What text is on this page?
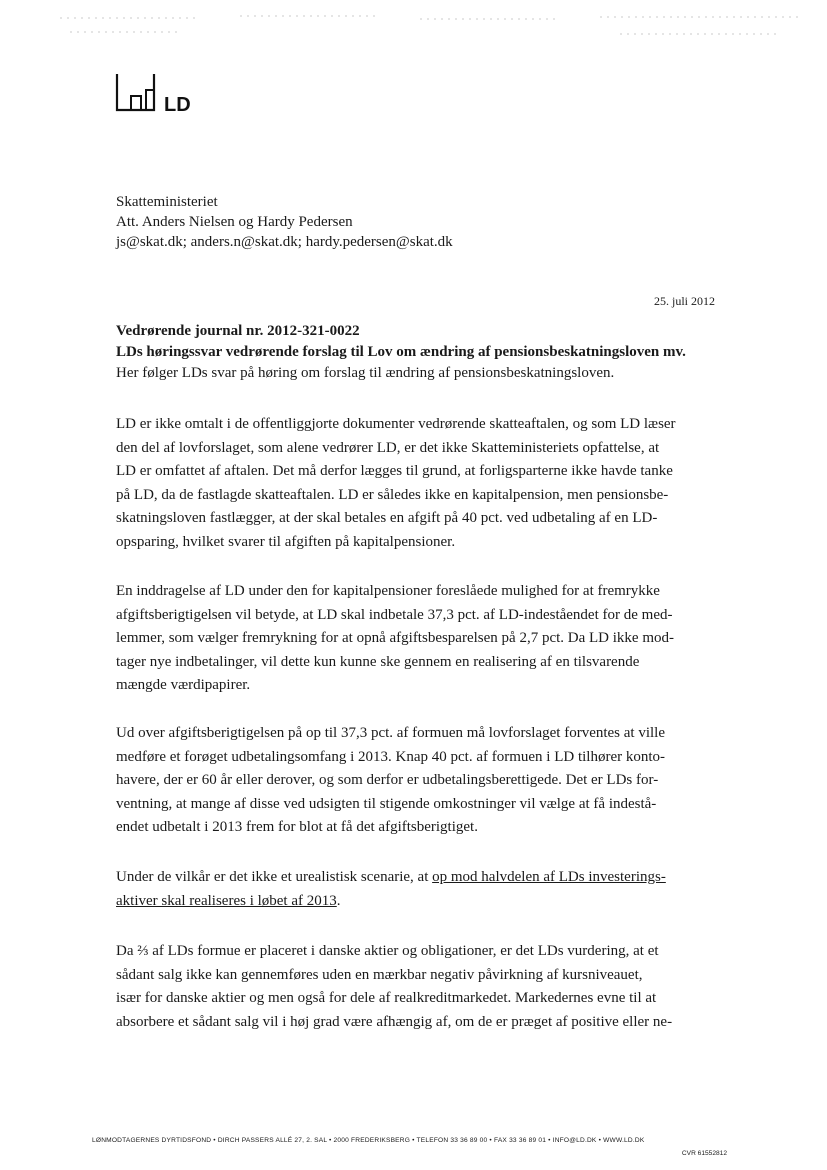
LD
Skatteministeriet
Att. Anders Nielsen og Hardy Pedersen
js@skat.dk; anders.n@skat.dk; hardy.pedersen@skat.dk
25. juli 2012
Vedrørende journal nr. 2012-321-0022
LDs høringssvar vedrørende forslag til Lov om ændring af pensionsbeskatningsloven mv.
Her følger LDs svar på høring om forslag til ændring af pensionsbeskatningsloven.
LD er ikke omtalt i de offentliggjorte dokumenter vedrørende skatteaftalen, og som LD læser
den del af lovforslaget, som alene vedrører LD, er det ikke Skatteministeriets opfattelse, at
LD er omfattet af aftalen. Det må derfor lægges til grund, at forligsparterne ikke havde tanke
på LD, da de fastlagde skatteaftalen. LD er således ikke en kapitalpension, men pensionsbe-
skatningsloven fastlægger, at der skal betales en afgift på 40 pct. ved udbetaling af en LD-
opsparing, hvilket svarer til afgiften på kapitalpensioner.
En inddragelse af LD under den for kapitalpensioner foreslåede mulighed for at fremrykke
afgiftsberigtigelsen vil betyde, at LD skal indbetale 37,3 pct. af LD-indeståendet for de med-
lemmer, som vælger fremrykning for at opnå afgiftsbesparelsen på 2,7 pct. Da LD ikke mod-
tager nye indbetalinger, vil dette kun kunne ske gennem en realisering af en tilsvarende
mængde værdipapirer.
Ud over afgiftsberigtigelsen på op til 37,3 pct. af formuen må lovforslaget forventes at ville
medføre et forøget udbetalingsomfang i 2013. Knap 40 pct. af formuen i LD tilhører konto-
havere, der er 60 år eller derover, og som derfor er udbetalingsberettigede. Det er LDs for-
ventning, at mange af disse ved udsigten til stigende omkostninger vil vælge at få indestå-
endet udbetalt i 2013 frem for blot at få det afgiftsberigtiget.
Under de vilkår er det ikke et urealistisk scenarie, at op mod halvdelen af LDs investerings-
aktiver skal realiseres i løbet af 2013.
Da ⅔ af LDs formue er placeret i danske aktier og obligationer, er det LDs vurdering, at et
sådant salg ikke kan gennemføres uden en mærkbar negativ påvirkning af kursniveauet,
især for danske aktier og men også for dele af realkreditmarkedet. Markedernes evne til at
absorbere et sådant salg vil i høj grad være afhængig af, om de er præget af positive eller ne-
LØNMODTAGERNES DYRTIDSFOND • DIRCH PASSERS ALLÉ 27, 2. SAL • 2000 FREDERIKSBERG • TELEFON 33 36 89 00 • FAX 33 36 89 01 • INFO@LD.DK • WWW.LD.DK
CVR 61552812
